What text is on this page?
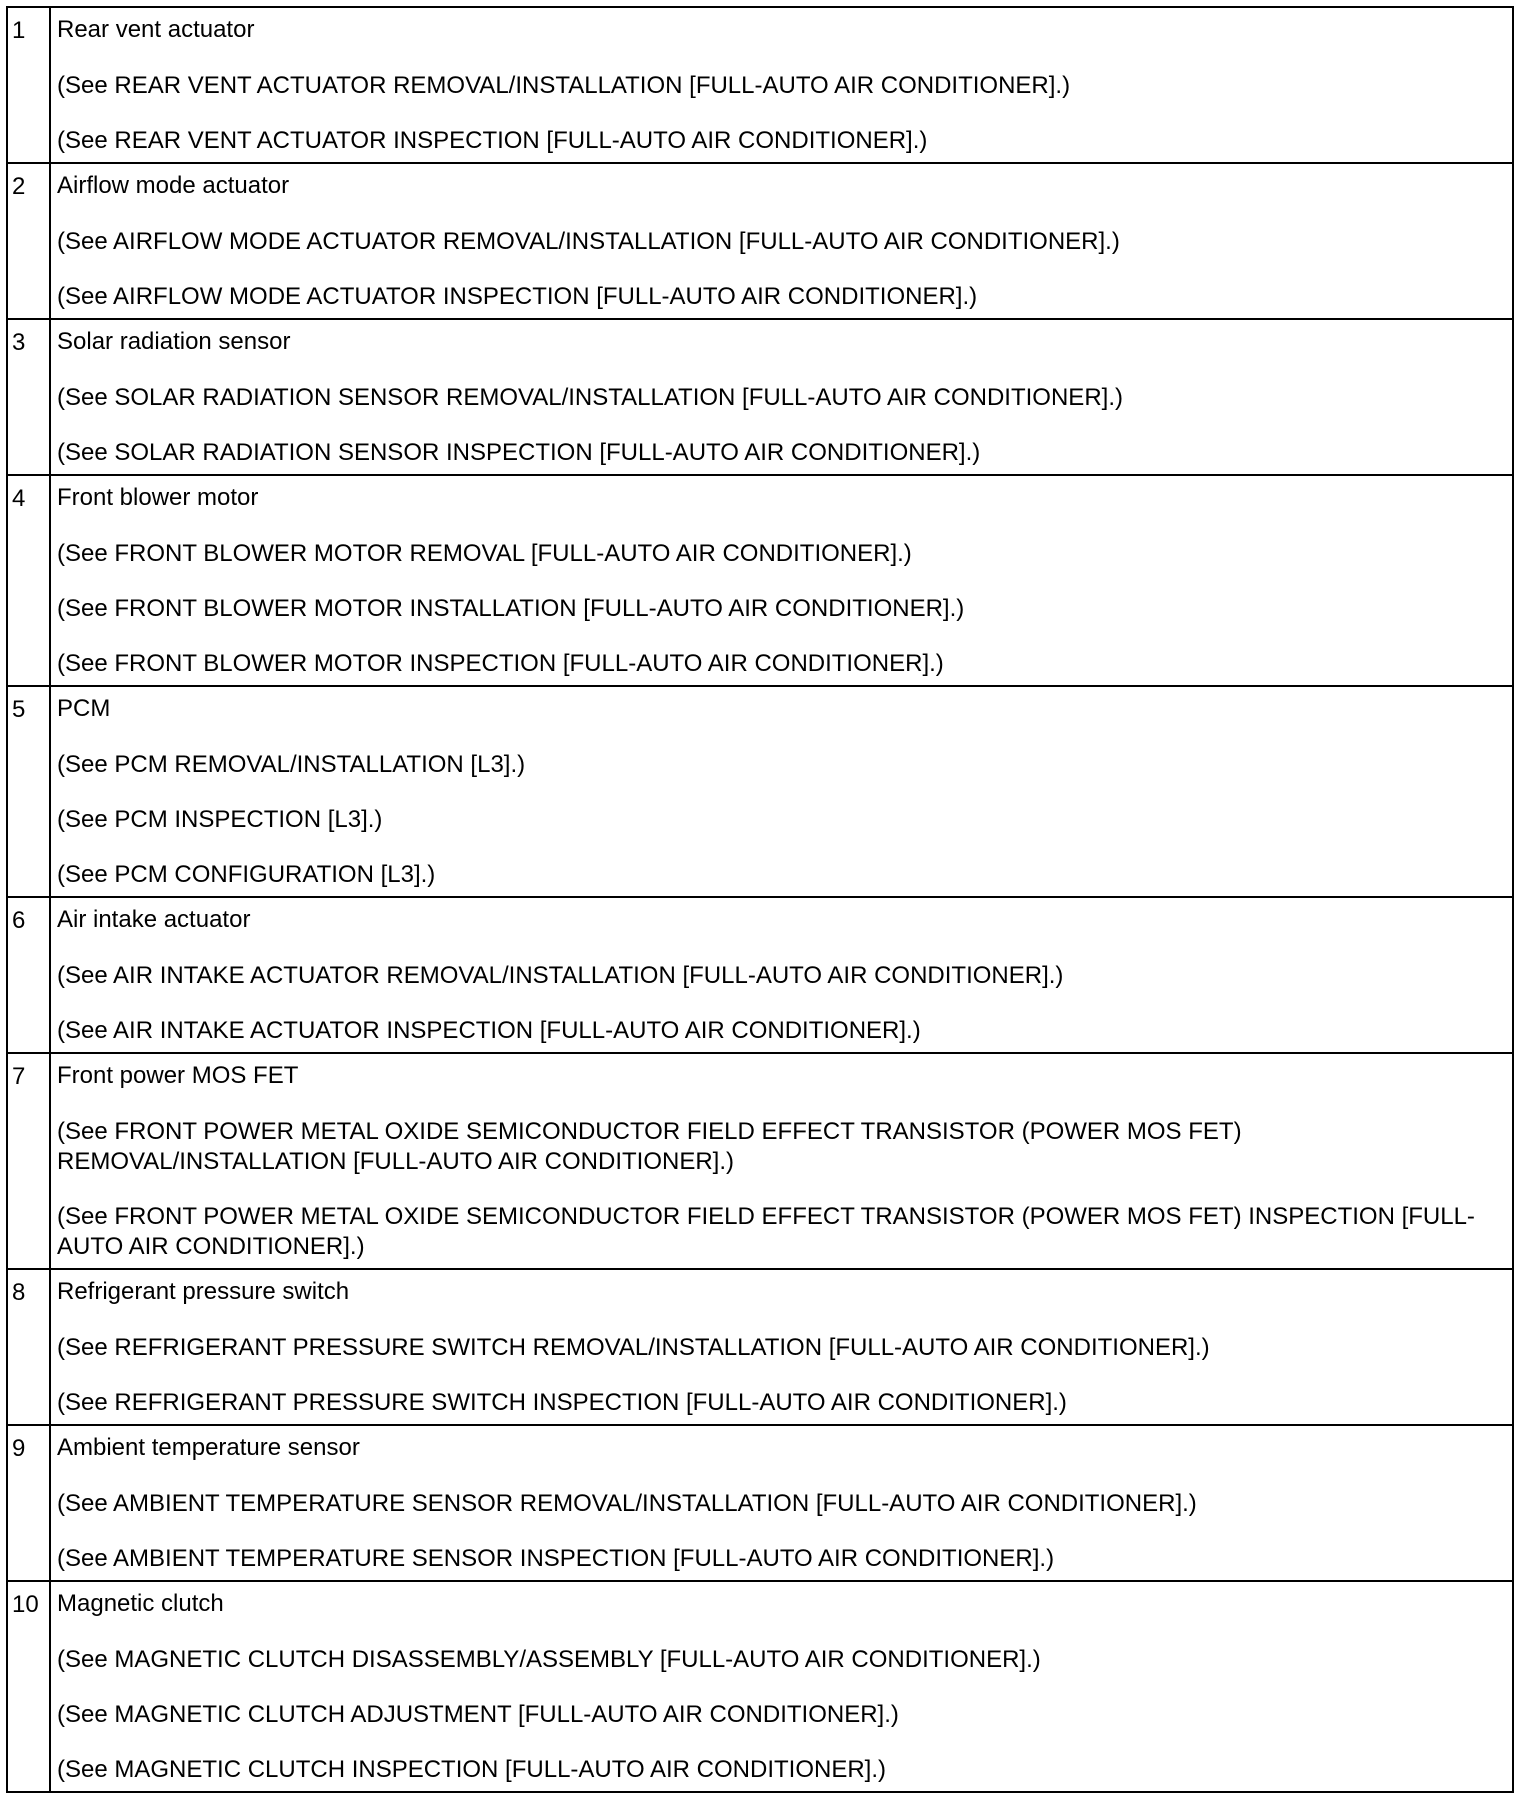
1	Rear vent actuator
(See REAR VENT ACTUATOR REMOVAL/INSTALLATION [FULL-AUTO AIR CONDITIONER].)
(See REAR VENT ACTUATOR INSPECTION [FULL-AUTO AIR CONDITIONER].)

2	Airflow mode actuator
(See AIRFLOW MODE ACTUATOR REMOVAL/INSTALLATION [FULL-AUTO AIR CONDITIONER].)
(See AIRFLOW MODE ACTUATOR INSPECTION [FULL-AUTO AIR CONDITIONER].)

3	Solar radiation sensor
(See SOLAR RADIATION SENSOR REMOVAL/INSTALLATION [FULL-AUTO AIR CONDITIONER].)
(See SOLAR RADIATION SENSOR INSPECTION [FULL-AUTO AIR CONDITIONER].)

4	Front blower motor
(See FRONT BLOWER MOTOR REMOVAL [FULL-AUTO AIR CONDITIONER].)
(See FRONT BLOWER MOTOR INSTALLATION [FULL-AUTO AIR CONDITIONER].)
(See FRONT BLOWER MOTOR INSPECTION [FULL-AUTO AIR CONDITIONER].)

5	PCM
(See PCM REMOVAL/INSTALLATION [L3].)
(See PCM INSPECTION [L3].)
(See PCM CONFIGURATION [L3].)

6	Air intake actuator
(See AIR INTAKE ACTUATOR REMOVAL/INSTALLATION [FULL-AUTO AIR CONDITIONER].)
(See AIR INTAKE ACTUATOR INSPECTION [FULL-AUTO AIR CONDITIONER].)

7	Front power MOS FET
(See FRONT POWER METAL OXIDE SEMICONDUCTOR FIELD EFFECT TRANSISTOR (POWER MOS FET) REMOVAL/INSTALLATION [FULL-AUTO AIR CONDITIONER].)
(See FRONT POWER METAL OXIDE SEMICONDUCTOR FIELD EFFECT TRANSISTOR (POWER MOS FET) INSPECTION [FULL-AUTO AIR CONDITIONER].)

8	Refrigerant pressure switch
(See REFRIGERANT PRESSURE SWITCH REMOVAL/INSTALLATION [FULL-AUTO AIR CONDITIONER].)
(See REFRIGERANT PRESSURE SWITCH INSPECTION [FULL-AUTO AIR CONDITIONER].)

9	Ambient temperature sensor
(See AMBIENT TEMPERATURE SENSOR REMOVAL/INSTALLATION [FULL-AUTO AIR CONDITIONER].)
(See AMBIENT TEMPERATURE SENSOR INSPECTION [FULL-AUTO AIR CONDITIONER].)

10	Magnetic clutch
(See MAGNETIC CLUTCH DISASSEMBLY/ASSEMBLY [FULL-AUTO AIR CONDITIONER].)
(See MAGNETIC CLUTCH ADJUSTMENT [FULL-AUTO AIR CONDITIONER].)
(See MAGNETIC CLUTCH INSPECTION [FULL-AUTO AIR CONDITIONER].)
